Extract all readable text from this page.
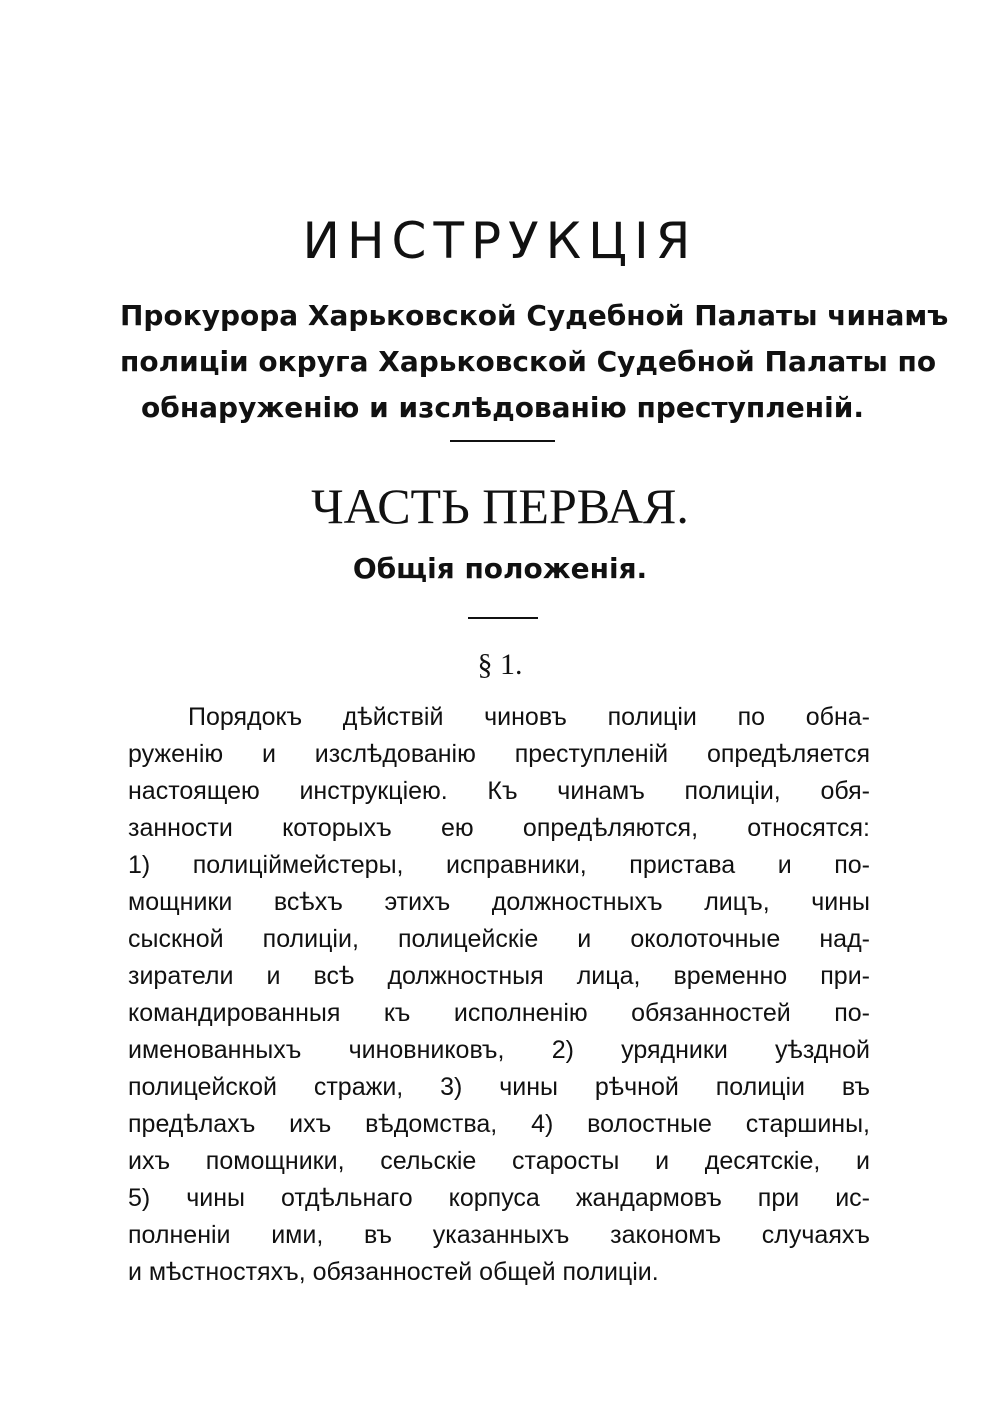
ИНСТРУКЦІЯ
Прокурора Харьковской Судебной Палаты чинамъ
полиціи округа Харьковской Судебной Палаты по
обнаруженію и изслѣдованію преступленій.
ЧАСТЬ ПЕРВАЯ.
Общія положенія.
§ 1.
Порядокъ дѣйствій чиновъ полиціи по обна-
руженію и изслѣдованію преступленій опредѣляется
настоящею инструкціею. Къ чинамъ полиціи, обя-
занности которыхъ ею опредѣляются, относятся:
1) полиціймейстеры, исправники, пристава и по-
мощники всѣхъ этихъ должностныхъ лицъ, чины
сыскной полиціи, полицейскіе и околоточные над-
зиратели и всѣ должностныя лица, временно при-
командированныя къ исполненію обязанностей по-
именованныхъ чиновниковъ, 2) урядники уѣздной
полицейской стражи, 3) чины рѣчной полиціи въ
предѣлахъ ихъ вѣдомства, 4) волостные старшины,
ихъ помощники, сельскіе старосты и десятскіе, и
5) чины отдѣльнаго корпуса жандармовъ при ис-
полненіи ими, въ указанныхъ закономъ случаяхъ
и мѣстностяхъ, обязанностей общей полиціи.
